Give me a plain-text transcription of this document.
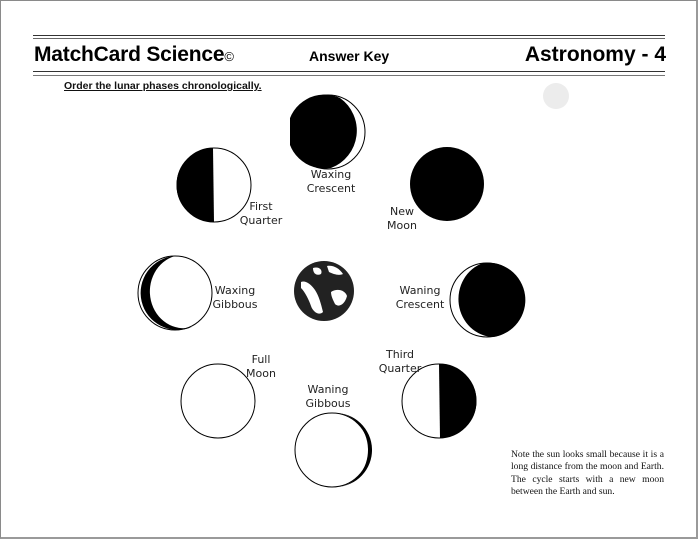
MatchCard Science©	Answer Key	Astronomy - 4
Order the lunar phases chronologically.
Waxing
Crescent
New
Moon
First
Quarter
Waxing
Gibbous
Waning
Crescent
Full
Moon
Waning
Gibbous
Third
Quarter
Note the sun looks small because it is a long distance from the moon and Earth. The cycle starts with a new moon between the Earth and sun.
